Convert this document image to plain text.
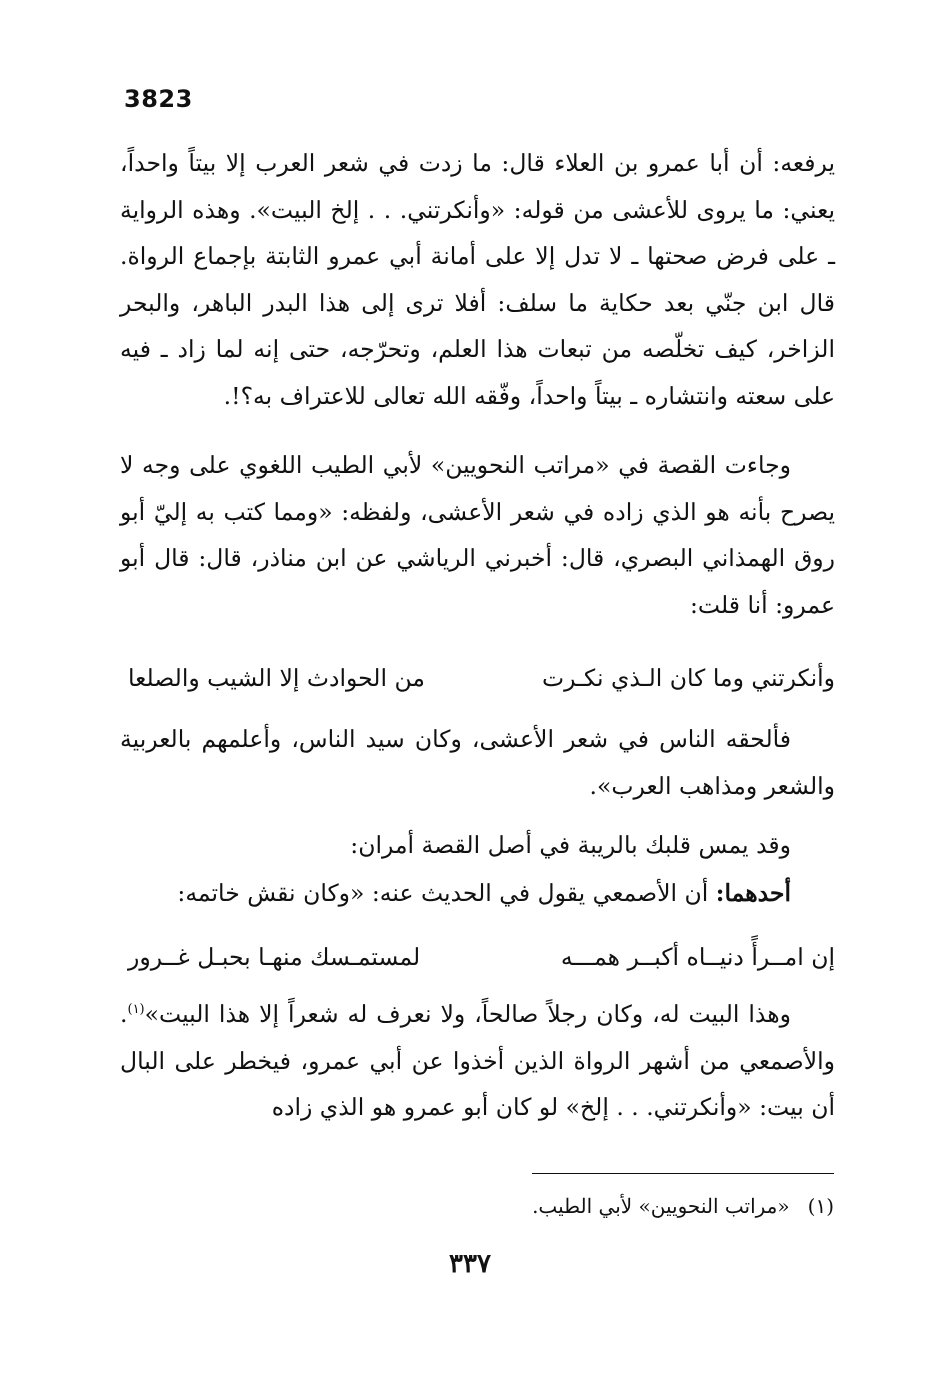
3823

يرفعه: أن أبا عمرو بن العلاء قال: ما زدت في شعر العرب إلا بيتاً واحداً، يعني: ما يروى للأعشى من قوله: «وأنكرتني. . . إلخ البيت». وهذه الرواية ـ على فرض صحتها ـ لا تدل إلا على أمانة أبي عمرو الثابتة بإجماع الرواة. قال ابن جنّي بعد حكاية ما سلف: أفلا ترى إلى هذا البدر الباهر، والبحر الزاخر، كيف تخلّصه من تبعات هذا العلم، وتحرّجه، حتى إنه لما زاد ـ فيه على سعته وانتشاره ـ بيتاً واحداً، وفّقه الله تعالى للاعتراف به؟!.

وجاءت القصة في «مراتب النحويين» لأبي الطيب اللغوي على وجه لا يصرح بأنه هو الذي زاده في شعر الأعشى، ولفظه: «ومما كتب به إليّ أبو روق الهمذاني البصري، قال: أخبرني الرياشي عن ابن مناذر، قال: قال أبو عمرو: أنا قلت:

وأنكرتني وما كان الـذي نكـرت
من الحوادث إلا الشيب والصلعا

فألحقه الناس في شعر الأعشى، وكان سيد الناس، وأعلمهم بالعربية والشعر ومذاهب العرب».

وقد يمس قلبك بالريبة في أصل القصة أمران:

أحدهما: أن الأصمعي يقول في الحديث عنه: «وكان نقش خاتمه:

إن امــرأً دنيــاه أكبــر همـــه
لمستمـسك منهـا بحبـل غــرور

وهذا البيت له، وكان رجلاً صالحاً، ولا نعرف له شعراً إلا هذا البيت»$^{(١)}$. والأصمعي من أشهر الرواة الذين أخذوا عن أبي عمرو، فيخطر على البال أن بيت: «وأنكرتني. . . إلخ» لو كان أبو عمرو هو الذي زاده

(١)«مراتب النحويين» لأبي الطيب.
٣٣٧
